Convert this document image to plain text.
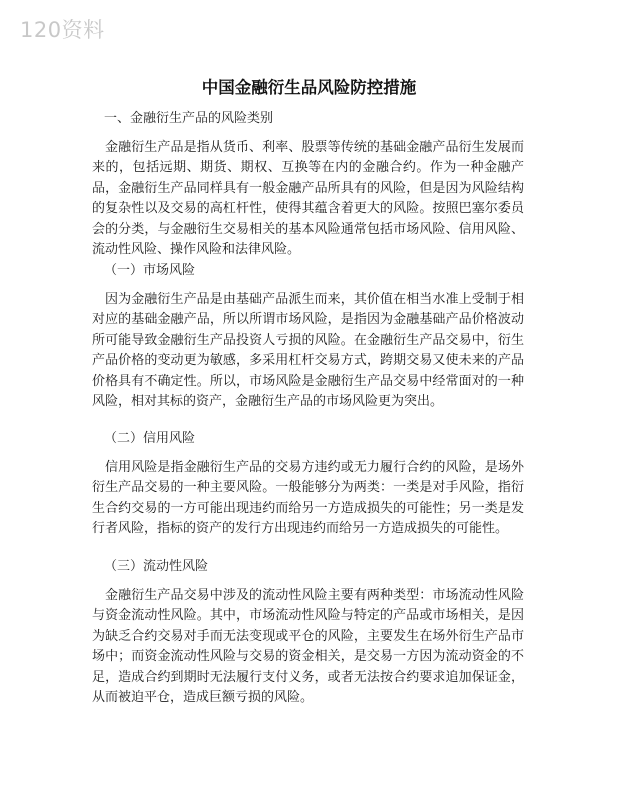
120资料
中国金融衍生品风险防控措施
一、金融衍生产品的风险类别

金融衍生产品是指从货币、利率、股票等传统的基础金融产品衍生发展而来的，包括远期、期货、期权、互换等在内的金融合约。作为一种金融产品，金融衍生产品同样具有一般金融产品所具有的风险，但是因为风险结构的复杂性以及交易的高杠杆性，使得其蕴含着更大的风险。按照巴塞尔委员会的分类，与金融衍生交易相关的基本风险通常包括市场风险、信用风险、流动性风险、操作风险和法律风险。

（一）市场风险

因为金融衍生产品是由基础产品派生而来，其价值在相当水准上受制于相对应的基础金融产品，所以所谓市场风险，是指因为金融基础产品价格波动所可能导致金融衍生产品投资人亏损的风险。在金融衍生产品交易中，衍生产品价格的变动更为敏感，多采用杠杆交易方式，跨期交易又使未来的产品价格具有不确定性。所以，市场风险是金融衍生产品交易中经常面对的一种风险，相对其标的资产，金融衍生产品的市场风险更为突出。

（二）信用风险

信用风险是指金融衍生产品的交易方违约或无力履行合约的风险，是场外衍生产品交易的一种主要风险。一般能够分为两类：一类是对手风险，指衍生合约交易的一方可能出现违约而给另一方造成损失的可能性；另一类是发行者风险，指标的资产的发行方出现违约而给另一方造成损失的可能性。

（三）流动性风险

金融衍生产品交易中涉及的流动性风险主要有两种类型：市场流动性风险与资金流动性风险。其中，市场流动性风险与特定的产品或市场相关，是因为缺乏合约交易对手而无法变现或平仓的风险，主要发生在场外衍生产品市场中；而资金流动性风险与交易的资金相关，是交易一方因为流动资金的不足，造成合约到期时无法履行支付义务，或者无法按合约要求追加保证金，从而被迫平仓，造成巨额亏损的风险。
